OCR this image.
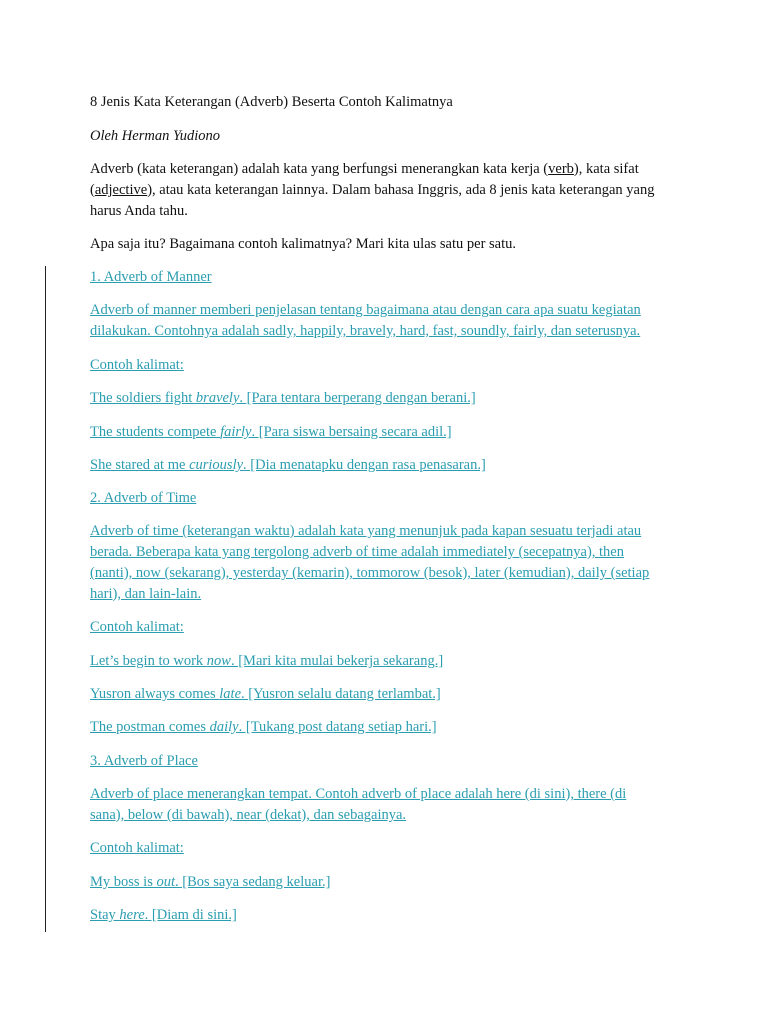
8 Jenis Kata Keterangan (Adverb) Beserta Contoh Kalimatnya

Oleh Herman Yudiono

Adverb (kata keterangan) adalah kata yang berfungsi menerangkan kata kerja (verb), kata sifat

(adjective), atau kata keterangan lainnya. Dalam bahasa Inggris, ada 8 jenis kata keterangan yang

harus Anda tahu.

Apa saja itu? Bagaimana contoh kalimatnya? Mari kita ulas satu per satu.

1. Adverb of Manner
Adverb of manner memberi penjelasan tentang bagaimana atau dengan cara apa suatu kegiatan
dilakukan. Contohnya adalah sadly, happily, bravely, hard, fast, soundly, fairly, dan seterusnya.
Contoh kalimat:
The soldiers fight bravely. [Para tentara berperang dengan berani.]
The students compete fairly. [Para siswa bersaing secara adil.]
She stared at me curiously. [Dia menatapku dengan rasa penasaran.]
2. Adverb of Time
Adverb of time (keterangan waktu) adalah kata yang menunjuk pada kapan sesuatu terjadi atau
berada. Beberapa kata yang tergolong adverb of time adalah immediately (secepatnya), then
(nanti), now (sekarang), yesterday (kemarin), tommorow (besok), later (kemudian), daily (setiap
hari), dan lain-lain.
Contoh kalimat:
Let’s begin to work now. [Mari kita mulai bekerja sekarang.]
Yusron always comes late. [Yusron selalu datang terlambat.]
The postman comes daily. [Tukang post datang setiap hari.]
3. Adverb of Place
Adverb of place menerangkan tempat. Contoh adverb of place adalah here (di sini), there (di
sana), below (di bawah), near (dekat), dan sebagainya.
Contoh kalimat:
My boss is out. [Bos saya sedang keluar.]
Stay here. [Diam di sini.]
